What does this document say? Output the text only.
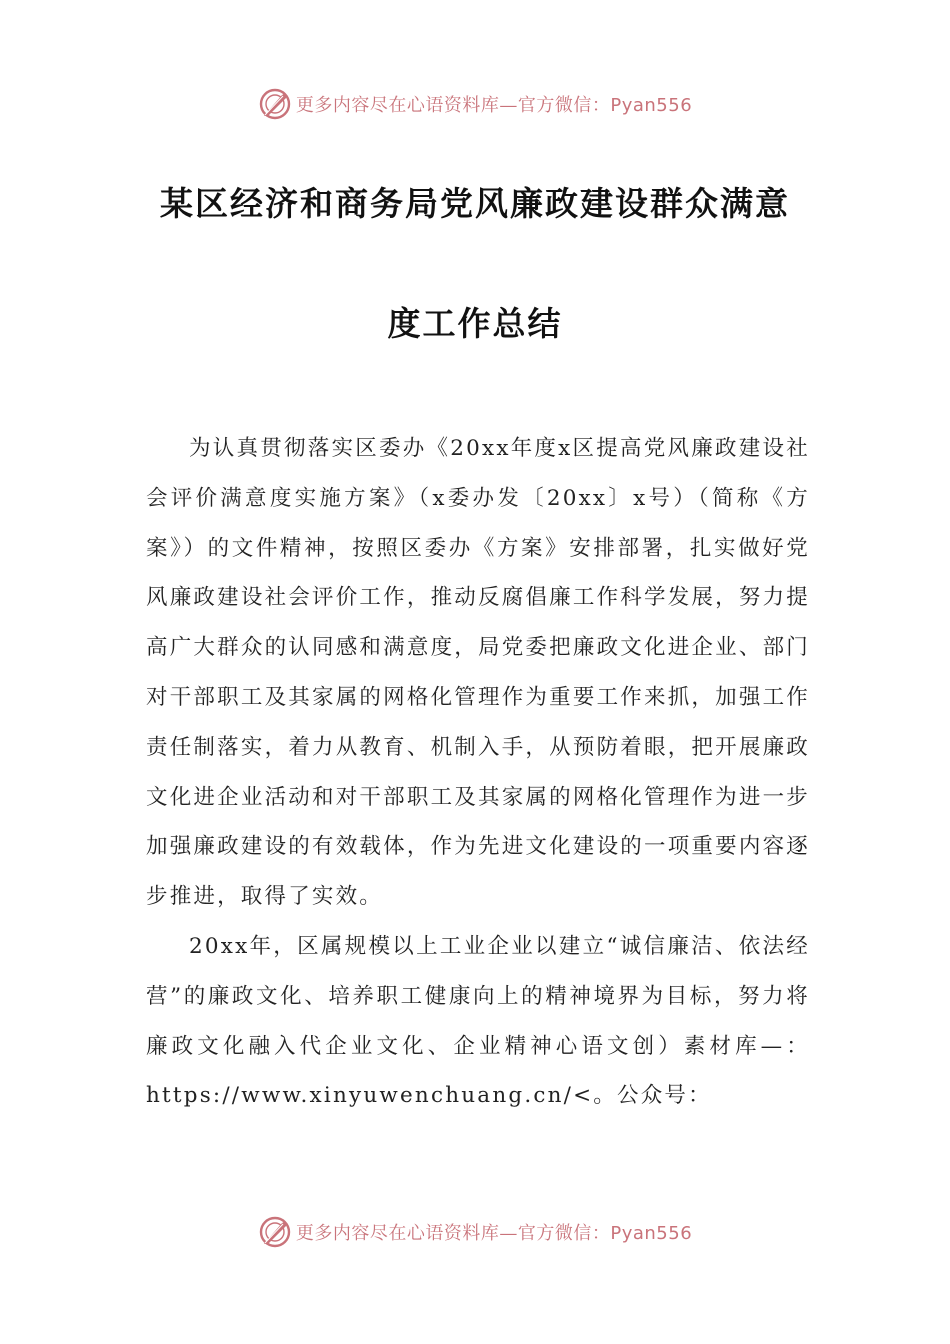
更多内容尽在心语资料库—官方微信：Pyan556
某区经济和商务局党风廉政建设群众满意
度工作总结

为认真贯彻落实区委办《20xx年度x区提高党风廉政建设社会评价满意度实施方案》（x委办发〔20xx〕x号）（简称《方案》）的文件精神，按照区委办《方案》安排部署，扎实做好党风廉政建设社会评价工作，推动反腐倡廉工作科学发展，努力提高广大群众的认同感和满意度，局党委把廉政文化进企业、部门对干部职工及其家属的网格化管理作为重要工作来抓，加强工作责任制落实，着力从教育、机制入手，从预防着眼，把开展廉政文化进企业活动和对干部职工及其家属的网格化管理作为进一步加强廉政建设的有效载体，作为先进文化建设的一项重要内容逐步推进，取得了实效。

20xx年，区属规模以上工业企业以建立“诚信廉洁、依法经营”的廉政文化、培养职工健康向上的精神境界为目标，努力将廉政文化融入代企业文化、企业精神心语文创）素材库—：https://www.xinyuwenchuang.cn/<。公众号：

更多内容尽在心语资料库—官方微信：Pyan556
